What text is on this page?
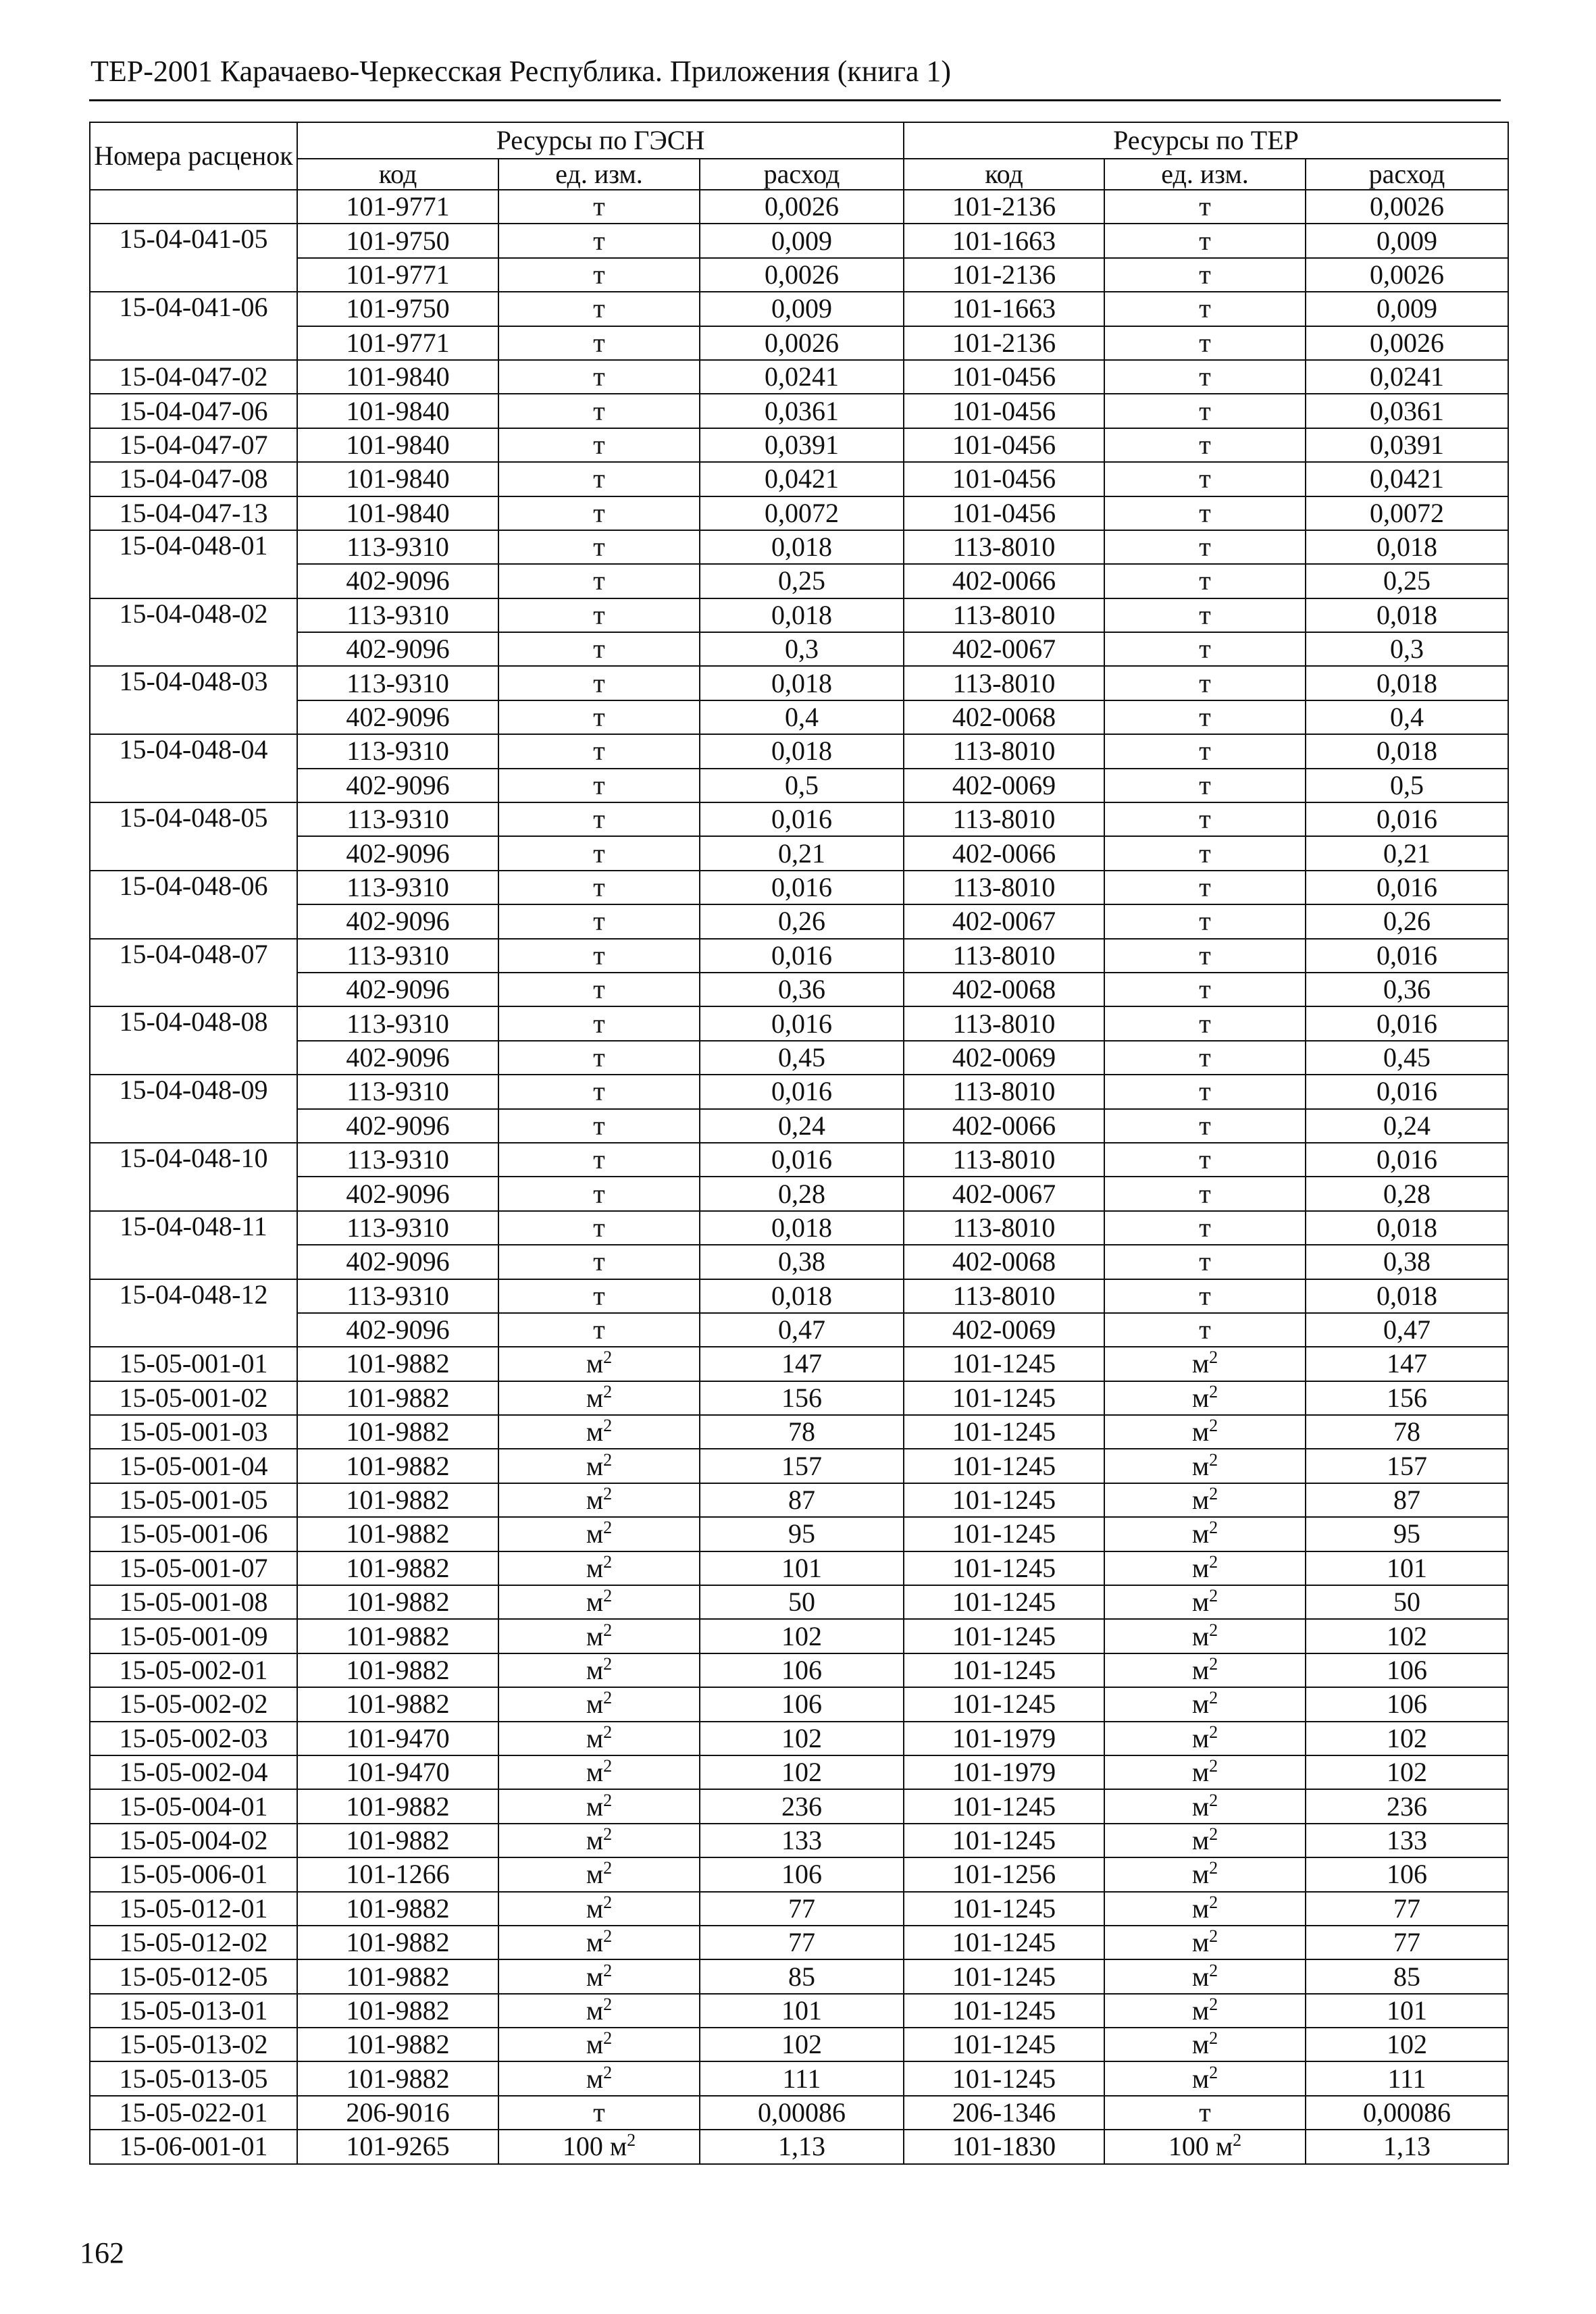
ТЕР-2001 Карачаево-Черкесская Республика. Приложения (книга 1)
Номера расценок	Ресурсы по ГЭСН			Ресурсы по ТЕР		
	код	ед. изм.	расход	код	ед. изм.	расход
	101-9771	т	0,0026	101-2136	т	0,0026
15-04-041-05	101-9750	т	0,009	101-1663	т	0,009
	101-9771	т	0,0026	101-2136	т	0,0026
15-04-041-06	101-9750	т	0,009	101-1663	т	0,009
	101-9771	т	0,0026	101-2136	т	0,0026
15-04-047-02	101-9840	т	0,0241	101-0456	т	0,0241
15-04-047-06	101-9840	т	0,0361	101-0456	т	0,0361
15-04-047-07	101-9840	т	0,0391	101-0456	т	0,0391
15-04-047-08	101-9840	т	0,0421	101-0456	т	0,0421
15-04-047-13	101-9840	т	0,0072	101-0456	т	0,0072
15-04-048-01	113-9310	т	0,018	113-8010	т	0,018
	402-9096	т	0,25	402-0066	т	0,25
15-04-048-02	113-9310	т	0,018	113-8010	т	0,018
	402-9096	т	0,3	402-0067	т	0,3
15-04-048-03	113-9310	т	0,018	113-8010	т	0,018
	402-9096	т	0,4	402-0068	т	0,4
15-04-048-04	113-9310	т	0,018	113-8010	т	0,018
	402-9096	т	0,5	402-0069	т	0,5
15-04-048-05	113-9310	т	0,016	113-8010	т	0,016
	402-9096	т	0,21	402-0066	т	0,21
15-04-048-06	113-9310	т	0,016	113-8010	т	0,016
	402-9096	т	0,26	402-0067	т	0,26
15-04-048-07	113-9310	т	0,016	113-8010	т	0,016
	402-9096	т	0,36	402-0068	т	0,36
15-04-048-08	113-9310	т	0,016	113-8010	т	0,016
	402-9096	т	0,45	402-0069	т	0,45
15-04-048-09	113-9310	т	0,016	113-8010	т	0,016
	402-9096	т	0,24	402-0066	т	0,24
15-04-048-10	113-9310	т	0,016	113-8010	т	0,016
	402-9096	т	0,28	402-0067	т	0,28
15-04-048-11	113-9310	т	0,018	113-8010	т	0,018
	402-9096	т	0,38	402-0068	т	0,38
15-04-048-12	113-9310	т	0,018	113-8010	т	0,018
	402-9096	т	0,47	402-0069	т	0,47
15-05-001-01	101-9882	$м^2$	147	101-1245	$м^2$	147
15-05-001-02	101-9882	$м^2$	156	101-1245	$м^2$	156
15-05-001-03	101-9882	$м^2$	78	101-1245	$м^2$	78
15-05-001-04	101-9882	$м^2$	157	101-1245	$м^2$	157
15-05-001-05	101-9882	$м^2$	87	101-1245	$м^2$	87
15-05-001-06	101-9882	$м^2$	95	101-1245	$м^2$	95
15-05-001-07	101-9882	$м^2$	101	101-1245	$м^2$	101
15-05-001-08	101-9882	$м^2$	50	101-1245	$м^2$	50
15-05-001-09	101-9882	$м^2$	102	101-1245	$м^2$	102
15-05-002-01	101-9882	$м^2$	106	101-1245	$м^2$	106
15-05-002-02	101-9882	$м^2$	106	101-1245	$м^2$	106
15-05-002-03	101-9470	$м^2$	102	101-1979	$м^2$	102
15-05-002-04	101-9470	$м^2$	102	101-1979	$м^2$	102
15-05-004-01	101-9882	$м^2$	236	101-1245	$м^2$	236
15-05-004-02	101-9882	$м^2$	133	101-1245	$м^2$	133
15-05-006-01	101-1266	$м^2$	106	101-1256	$м^2$	106
15-05-012-01	101-9882	$м^2$	77	101-1245	$м^2$	77
15-05-012-02	101-9882	$м^2$	77	101-1245	$м^2$	77
15-05-012-05	101-9882	$м^2$	85	101-1245	$м^2$	85
15-05-013-01	101-9882	$м^2$	101	101-1245	$м^2$	101
15-05-013-02	101-9882	$м^2$	102	101-1245	$м^2$	102
15-05-013-05	101-9882	$м^2$	111	101-1245	$м^2$	111
15-05-022-01	206-9016	т	0,00086	206-1346	т	0,00086
15-06-001-01	101-9265	100 $м^2$	1,13	101-1830	100 $м^2$	1,13
162
